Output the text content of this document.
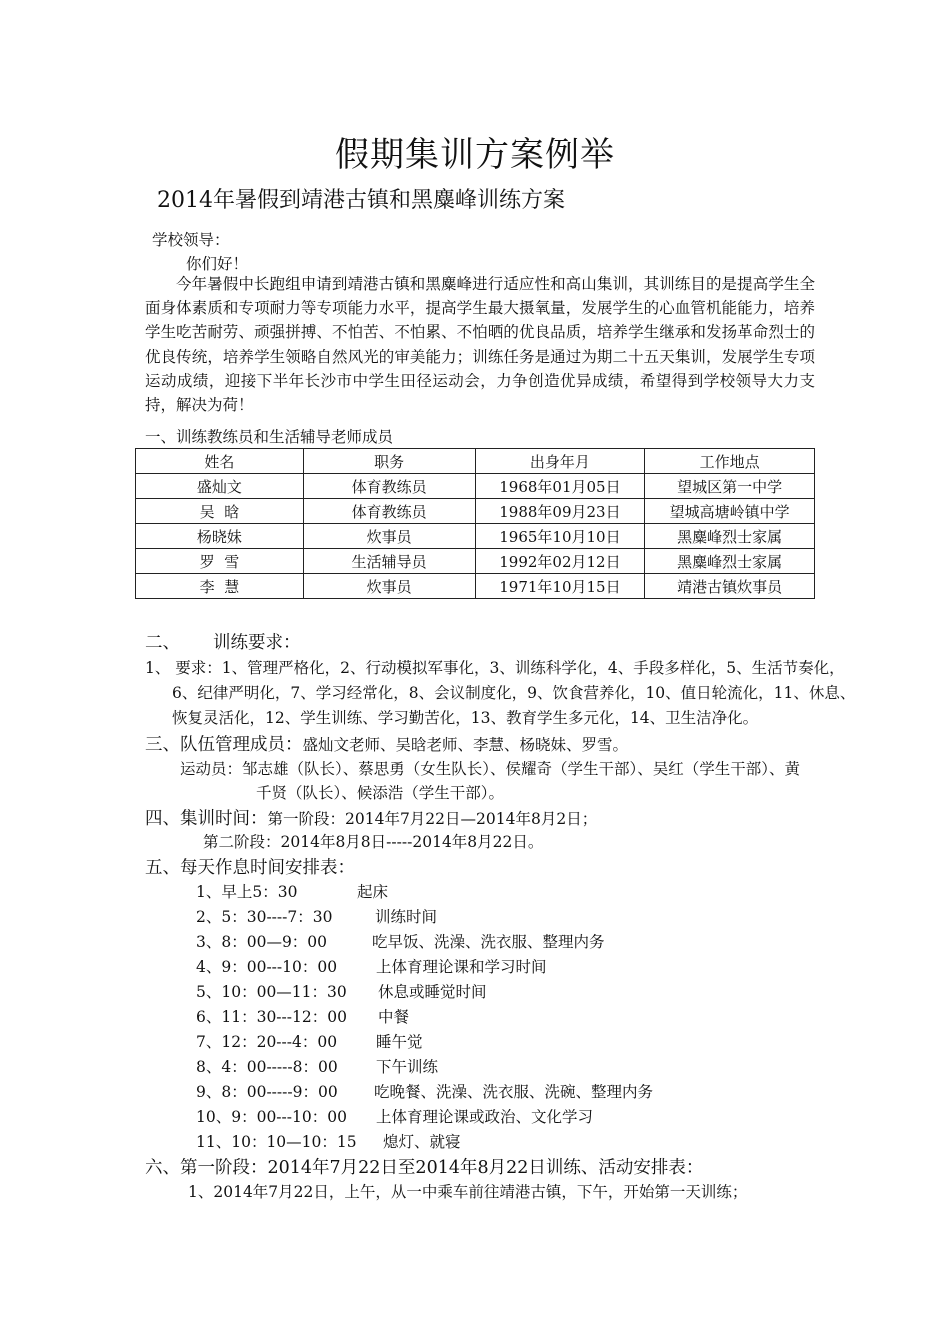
假期集训方案例举
2014年暑假到靖港古镇和黑麋峰训练方案
学校领导：
你们好！

今年暑假中长跑组申请到靖港古镇和黑麋峰进行适应性和高山集训，其训练目的是提高学生全面身体素质和专项耐力等专项能力水平，提高学生最大摄氧量，发展学生的心血管机能能力，培养学生吃苦耐劳、顽强拼搏、不怕苦、不怕累、不怕晒的优良品质，培养学生继承和发扬革命烈士的优良传统，培养学生领略自然风光的审美能力；训练任务是通过为期二十五天集训，发展学生专项运动成绩，迎接下半年长沙市中学生田径运动会，力争创造优异成绩，希望得到学校领导大力支持，解决为荷！

一、训练教练员和生活辅导老师成员
姓名	职务	出身年月	工作地点
盛灿文	体育教练员	1968年01月05日	望城区第一中学
吴  晗	体育教练员	1988年09月23日	望城高塘岭镇中学
杨晓妹	炊事员	1965年10月10日	黑麋峰烈士家属
罗  雪	生活辅导员	1992年02月12日	黑麋峰烈士家属
李  慧	炊事员	1971年10月15日	靖港古镇炊事员
二、 训练要求：
1、 要求：1、管理严格化，2、行动模拟军事化，3、训练科学化，4、手段多样化，5、生活节奏化，
6、纪律严明化，7、学习经常化，8、会议制度化，9、饮食营养化，10、值日轮流化，11、休息、
恢复灵活化，12、学生训练、学习勤苦化，13、教育学生多元化，14、卫生洁净化。
三、队伍管理成员：盛灿文老师、吴晗老师、李慧、杨晓妹、罗雪。
运动员：邹志雄（队长）、蔡思勇（女生队长）、侯耀奇（学生干部）、吴红（学生干部）、黄
千贤（队长）、候添浩（学生干部）。
四、集训时间：第一阶段：2014年7月22日—2014年8月2日；
第二阶段：2014年8月8日-----2014年8月22日。
五、每天作息时间安排表：
1、早上5：30	起床
2、5：30----7：30	训练时间
3、8：00—9：00	吃早饭、洗澡、洗衣服、整理内务
4、9：00---10：00	上体育理论课和学习时间
5、10：00—11：30 休息或睡觉时间
6、11：30---12：00 中餐
7、12：20---4：00	睡午觉
8、4：00-----8：00 下午训练
9、8：00-----9：00 吃晚餐、洗澡、洗衣服、洗碗、整理内务
10、9：00---10：00 上体育理论课或政治、文化学习
11、10：10—10：15 熄灯、就寝
六、第一阶段：2014年7月22日至2014年8月22日训练、活动安排表：
1、2014年7月22日，上午，从一中乘车前往靖港古镇，下午，开始第一天训练；
